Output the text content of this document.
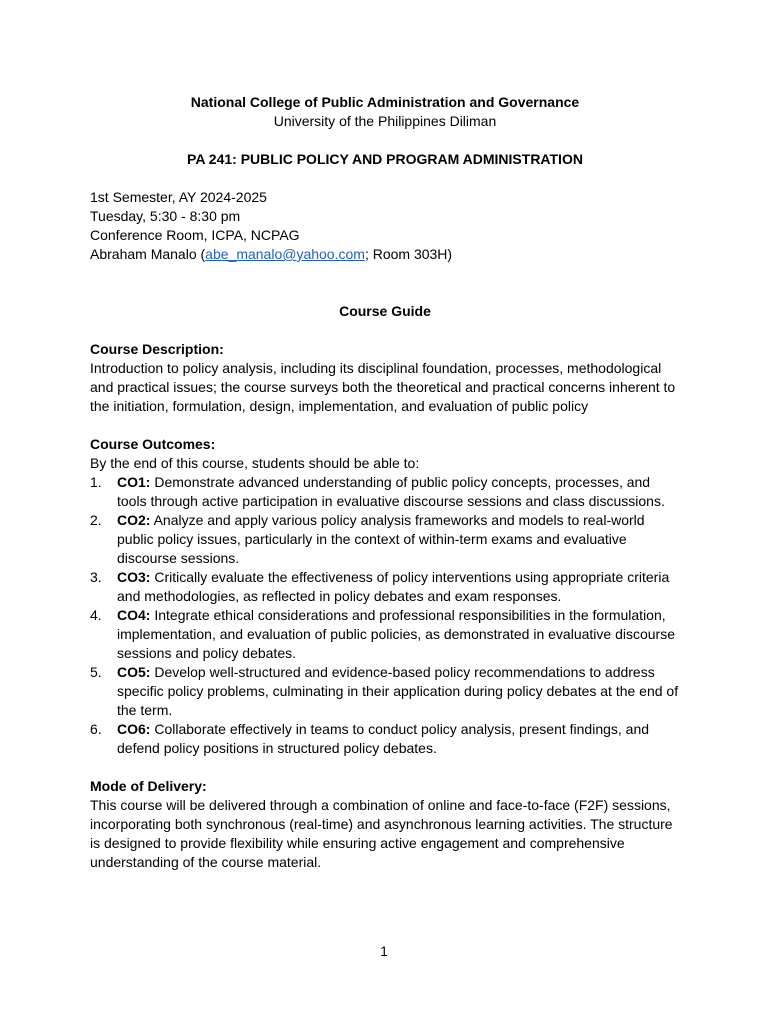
National College of Public Administration and Governance

University of the Philippines Diliman

PA 241: PUBLIC POLICY AND PROGRAM ADMINISTRATION

1st Semester, AY 2024-2025

Tuesday, 5:30 - 8:30 pm

Conference Room, ICPA, NCPAG

Abraham Manalo (abe_manalo@yahoo.com; Room 303H)

Course Guide

Course Description:

Introduction to policy analysis, including its disciplinal foundation, processes, methodological and practical issues; the course surveys both the theoretical and practical concerns inherent to the initiation, formulation, design, implementation, and evaluation of public policy

Course Outcomes:

By the end of this course, students should be able to:

1. CO1: Demonstrate advanced understanding of public policy concepts, processes, and tools through active participation in evaluative discourse sessions and class discussions.
2. CO2: Analyze and apply various policy analysis frameworks and models to real-world public policy issues, particularly in the context of within-term exams and evaluative discourse sessions.
3. CO3: Critically evaluate the effectiveness of policy interventions using appropriate criteria and methodologies, as reflected in policy debates and exam responses.
4. CO4: Integrate ethical considerations and professional responsibilities in the formulation, implementation, and evaluation of public policies, as demonstrated in evaluative discourse sessions and policy debates.
5. CO5: Develop well-structured and evidence-based policy recommendations to address specific policy problems, culminating in their application during policy debates at the end of the term.
6. CO6: Collaborate effectively in teams to conduct policy analysis, present findings, and defend policy positions in structured policy debates.

Mode of Delivery:

This course will be delivered through a combination of online and face-to-face (F2F) sessions, incorporating both synchronous (real-time) and asynchronous learning activities. The structure is designed to provide flexibility while ensuring active engagement and comprehensive understanding of the course material.

1
